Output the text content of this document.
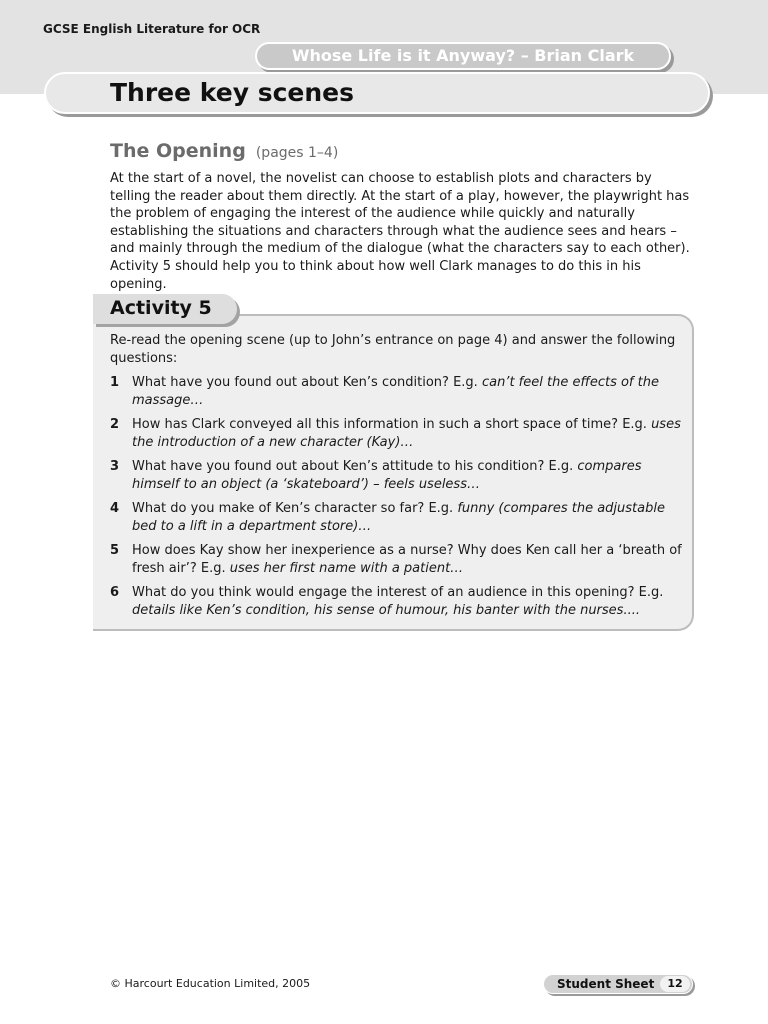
GCSE English Literature for OCR
Whose Life is it Anyway? – Brian Clark
Three key scenes
The Opening (pages 1–4)

At the start of a novel, the novelist can choose to establish plots and characters by telling the reader about them directly. At the start of a play, however, the playwright has the problem of engaging the interest of the audience while quickly and naturally establishing the situations and characters through what the audience sees and hears – and mainly through the medium of the dialogue (what the characters say to each other). Activity 5 should help you to think about how well Clark manages to do this in his opening.

Activity 5

Re-read the opening scene (up to John’s entrance on page 4) and answer the following questions:

1 What have you found out about Ken’s condition? E.g. can’t feel the effects of the massage…
2 How has Clark conveyed all this information in such a short space of time? E.g. uses the introduction of a new character (Kay)…
3 What have you found out about Ken’s attitude to his condition? E.g. compares himself to an object (a ‘skateboard’) – feels useless…
4 What do you make of Ken’s character so far? E.g. funny (compares the adjustable bed to a lift in a department store)…
5 How does Kay show her inexperience as a nurse? Why does Ken call her a ‘breath of fresh air’? E.g. uses her first name with a patient…
6 What do you think would engage the interest of an audience in this opening? E.g. details like Ken’s condition, his sense of humour, his banter with the nurses....
© Harcourt Education Limited, 2005	Student Sheet	12
